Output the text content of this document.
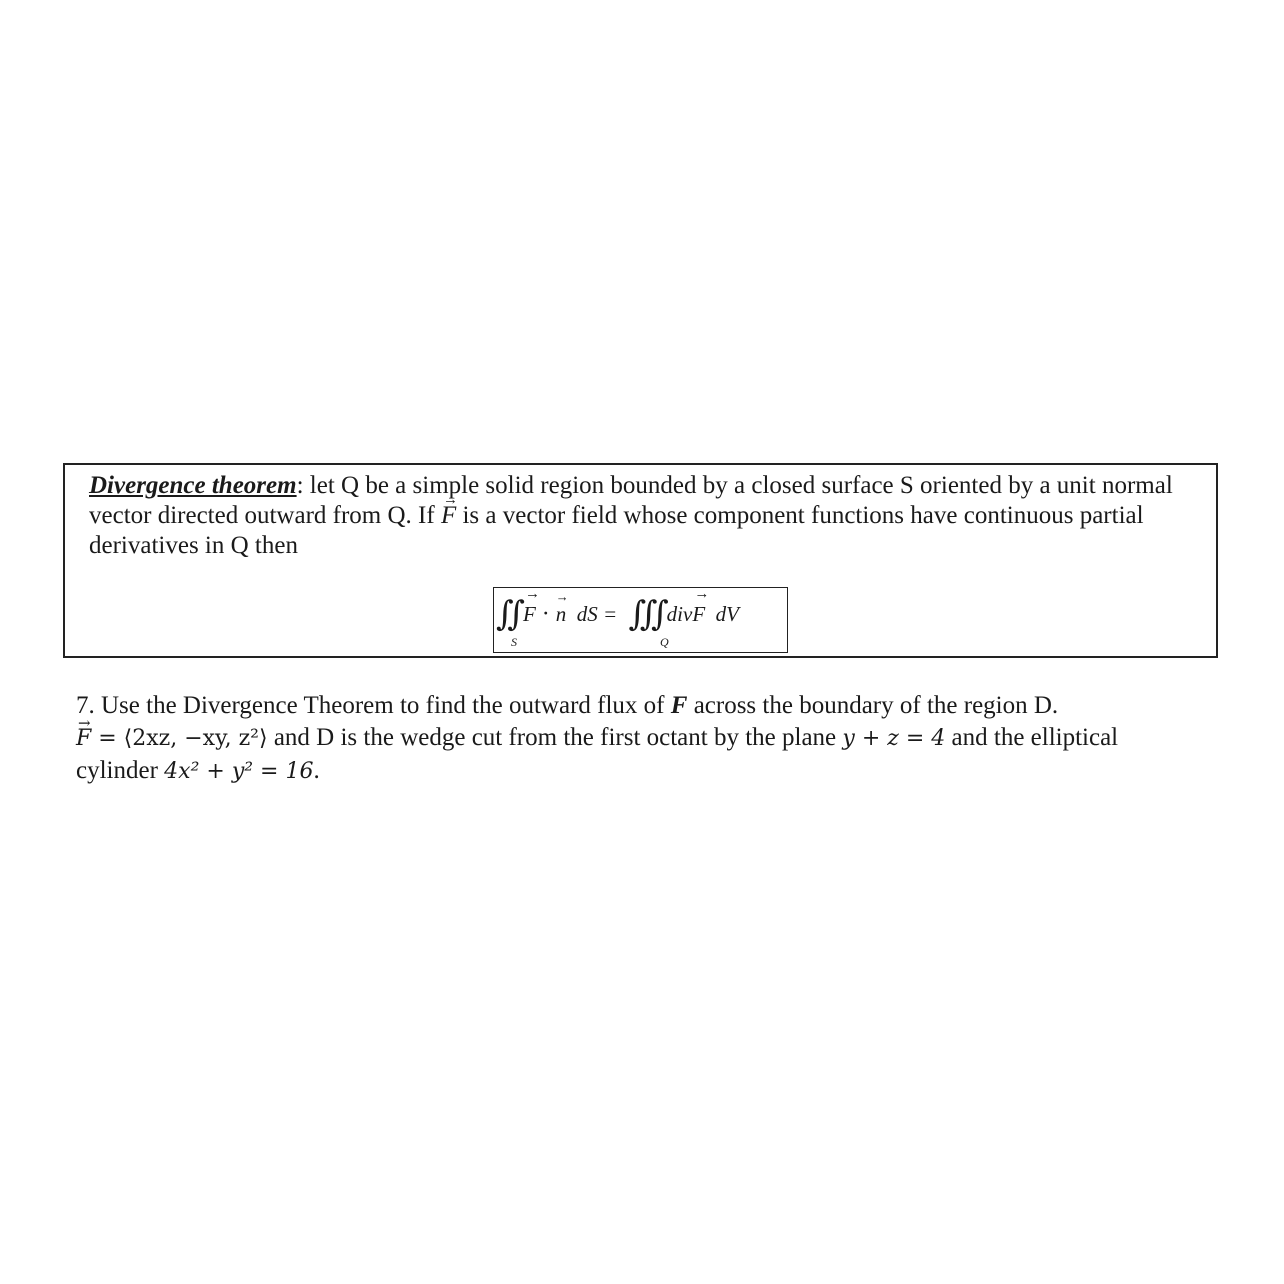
Divergence theorem: let Q be a simple solid region bounded by a closed surface S oriented by a unit normal vector directed outward from Q. If → F is a vector field whose component functions have continuous partial derivatives in Q then
∬ → F · → n  dS =  ∭ div→ F  dV
S	Q
7. Use the Divergence Theorem to find the outward flux of F across the boundary of the region D.
→ F = ⟨2xz, −xy, z²⟩ and D is the wedge cut from the first octant by the plane y + z = 4 and the elliptical
cylinder 4x² + y² = 16.
